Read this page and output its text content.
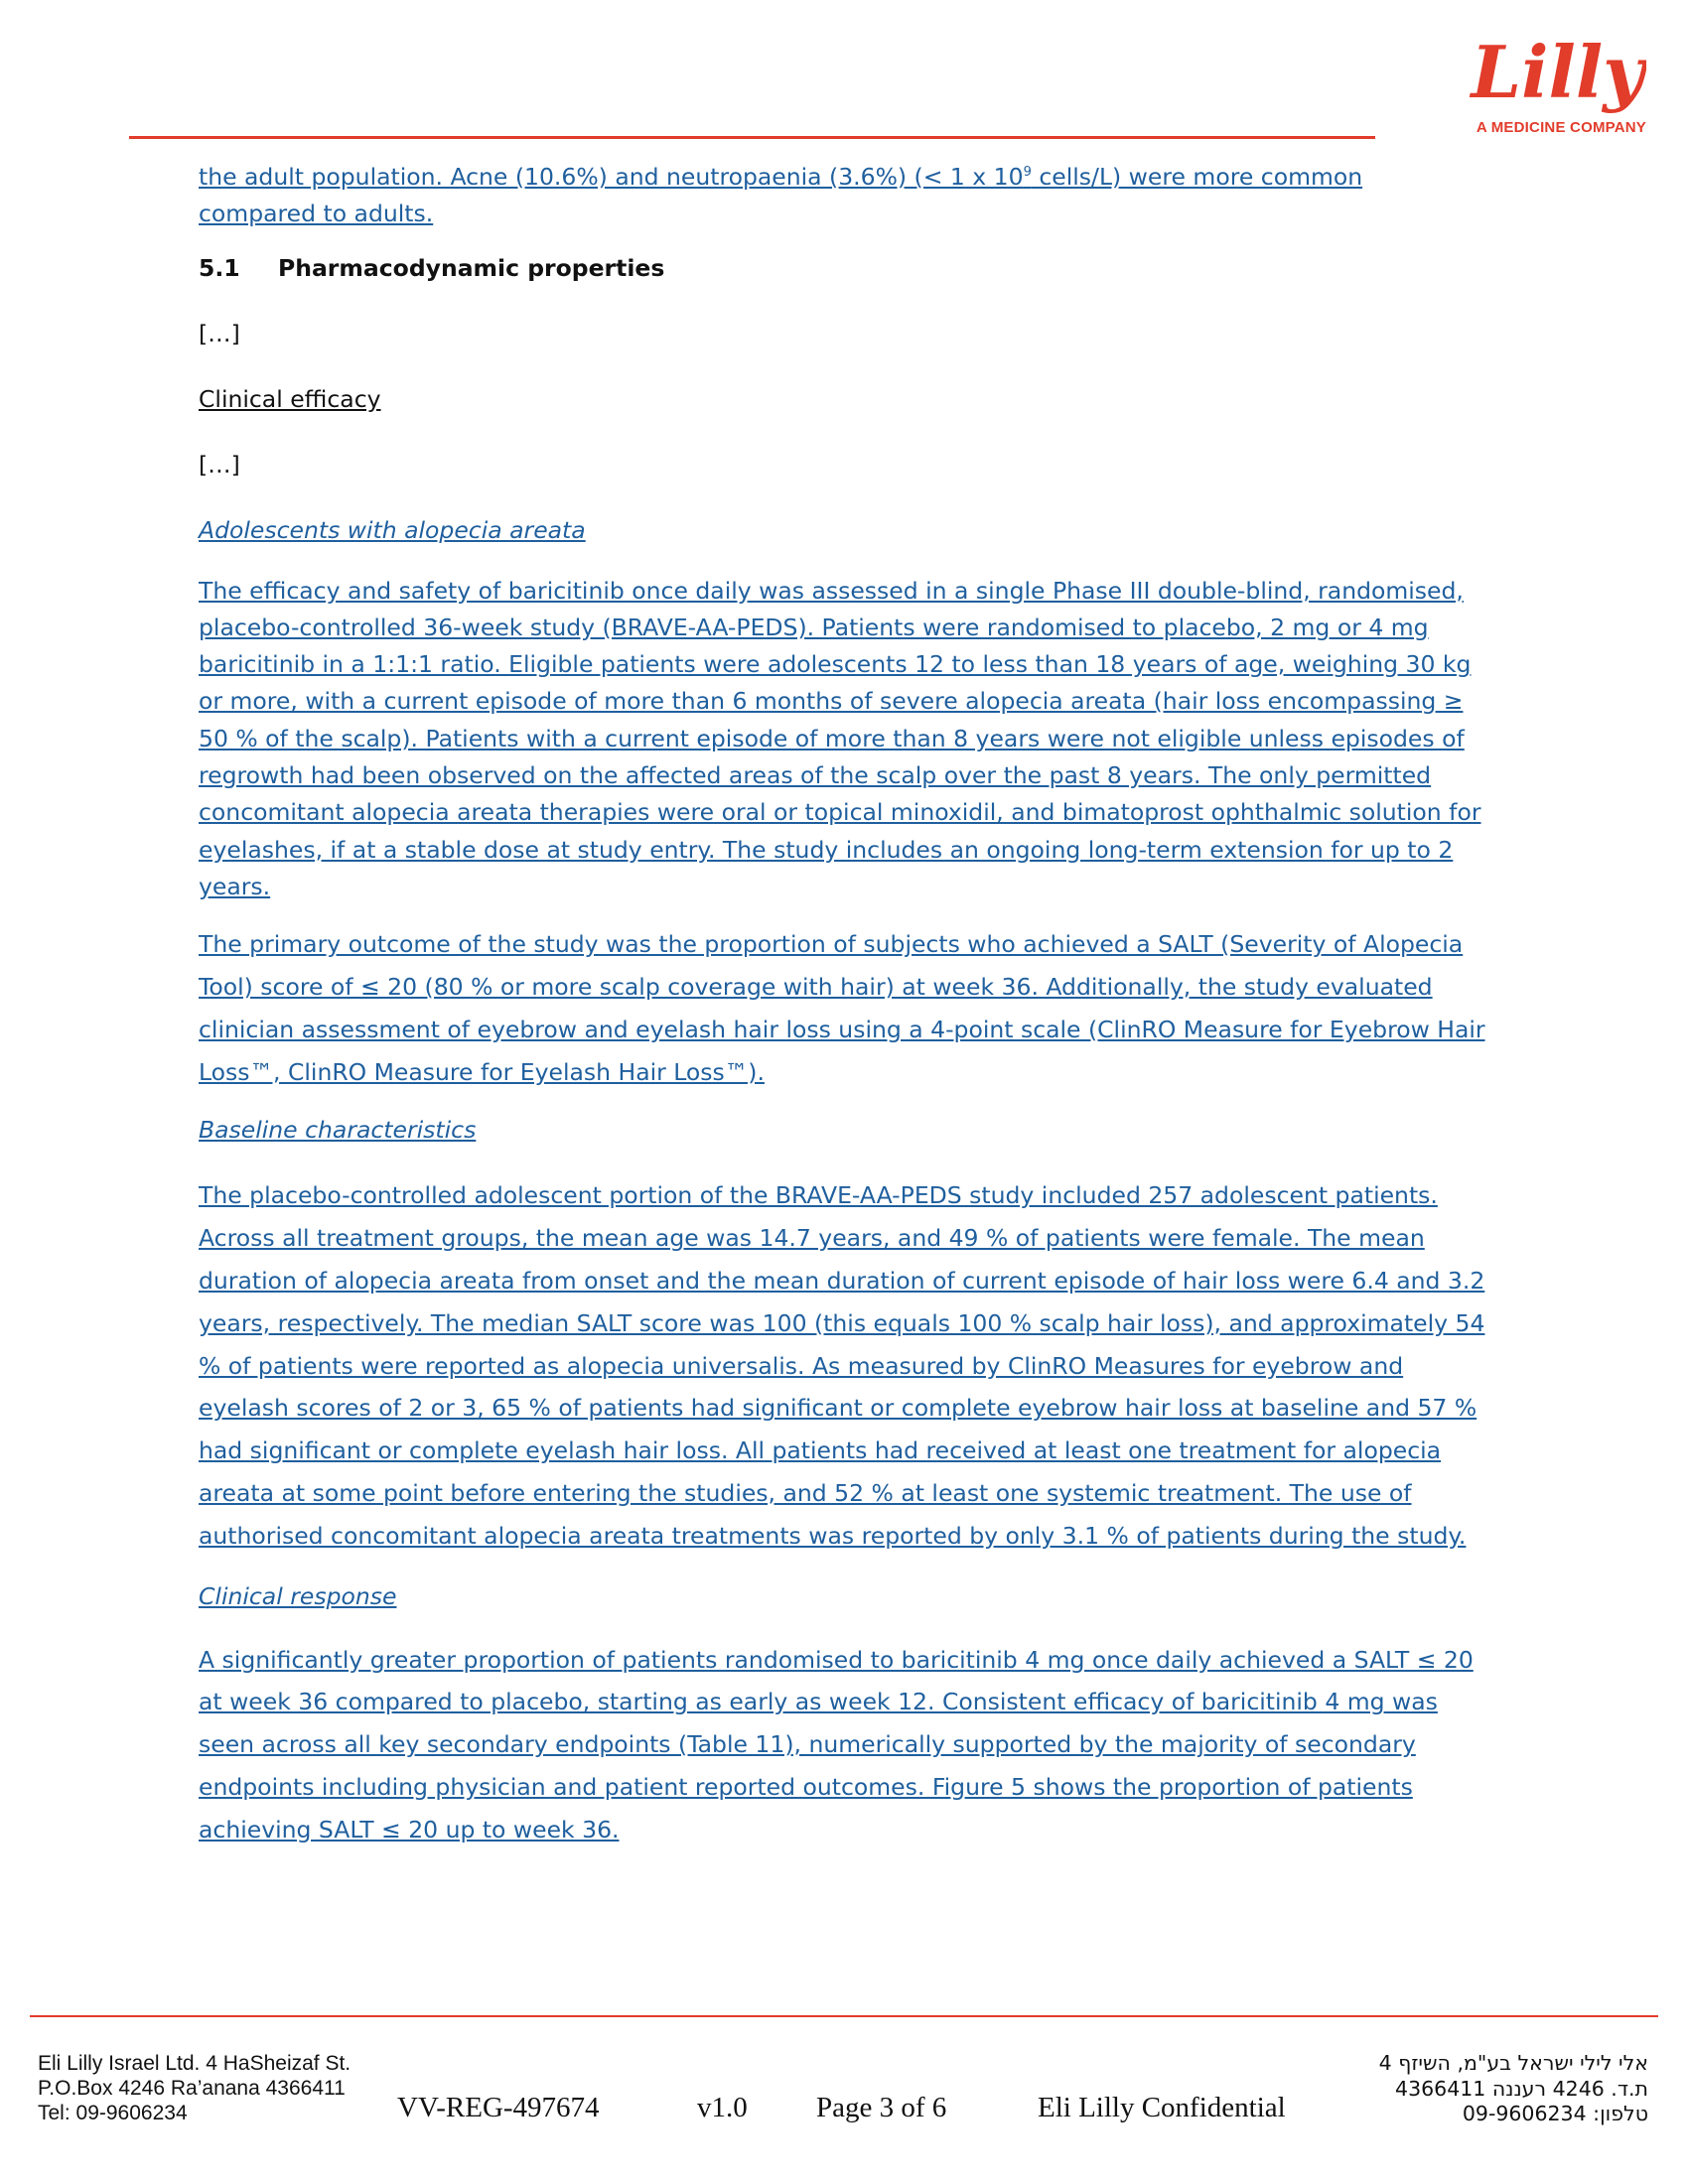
Lilly
A MEDICINE COMPANY

the adult population. Acne (10.6%) and neutropaenia (3.6%) (< 1 x $10^9$ cells/L) were more common compared to adults.

5.1 Pharmacodynamic properties

[…]

Clinical efficacy

[…]

Adolescents with alopecia areata

The efficacy and safety of baricitinib once daily was assessed in a single Phase III double-blind, randomised, placebo-controlled 36-week study (BRAVE-AA-PEDS). Patients were randomised to placebo, 2 mg or 4 mg baricitinib in a 1:1:1 ratio. Eligible patients were adolescents 12 to less than 18 years of age, weighing 30 kg or more, with a current episode of more than 6 months of severe alopecia areata (hair loss encompassing ≥ 50 % of the scalp). Patients with a current episode of more than 8 years were not eligible unless episodes of regrowth had been observed on the affected areas of the scalp over the past 8 years. The only permitted concomitant alopecia areata therapies were oral or topical minoxidil, and bimatoprost ophthalmic solution for eyelashes, if at a stable dose at study entry. The study includes an ongoing long-term extension for up to 2 years.

The primary outcome of the study was the proportion of subjects who achieved a SALT (Severity of Alopecia Tool) score of ≤ 20 (80 % or more scalp coverage with hair) at week 36. Additionally, the study evaluated clinician assessment of eyebrow and eyelash hair loss using a 4-point scale (ClinRO Measure for Eyebrow Hair Loss™, ClinRO Measure for Eyelash Hair Loss™).

Baseline characteristics

The placebo-controlled adolescent portion of the BRAVE-AA-PEDS study included 257 adolescent patients. Across all treatment groups, the mean age was 14.7 years, and 49 % of patients were female. The mean duration of alopecia areata from onset and the mean duration of current episode of hair loss were 6.4 and 3.2 years, respectively. The median SALT score was 100 (this equals 100 % scalp hair loss), and approximately 54 % of patients were reported as alopecia universalis. As measured by ClinRO Measures for eyebrow and eyelash scores of 2 or 3, 65 % of patients had significant or complete eyebrow hair loss at baseline and 57 % had significant or complete eyelash hair loss. All patients had received at least one treatment for alopecia areata at some point before entering the studies, and 52 % at least one systemic treatment. The use of authorised concomitant alopecia areata treatments was reported by only 3.1 % of patients during the study.

Clinical response

A significantly greater proportion of patients randomised to baricitinib 4 mg once daily achieved a SALT ≤ 20 at week 36 compared to placebo, starting as early as week 12. Consistent efficacy of baricitinib 4 mg was seen across all key secondary endpoints (Table 11), numerically supported by the majority of secondary endpoints including physician and patient reported outcomes. Figure 5 shows the proportion of patients achieving SALT ≤ 20 up to week 36.

Eli Lilly Israel Ltd. 4 HaSheizaf St.
P.O.Box 4246 Ra’anana 4366411
Tel: 09-9606234
אלי לילי ישראל בע"מ, השיזף 4
ת.ד. 4246 רעננה 4366411
טלפון: 09-9606234
VV-REG-497674	v1.0 Page 3 of 6	Eli Lilly Confidential
